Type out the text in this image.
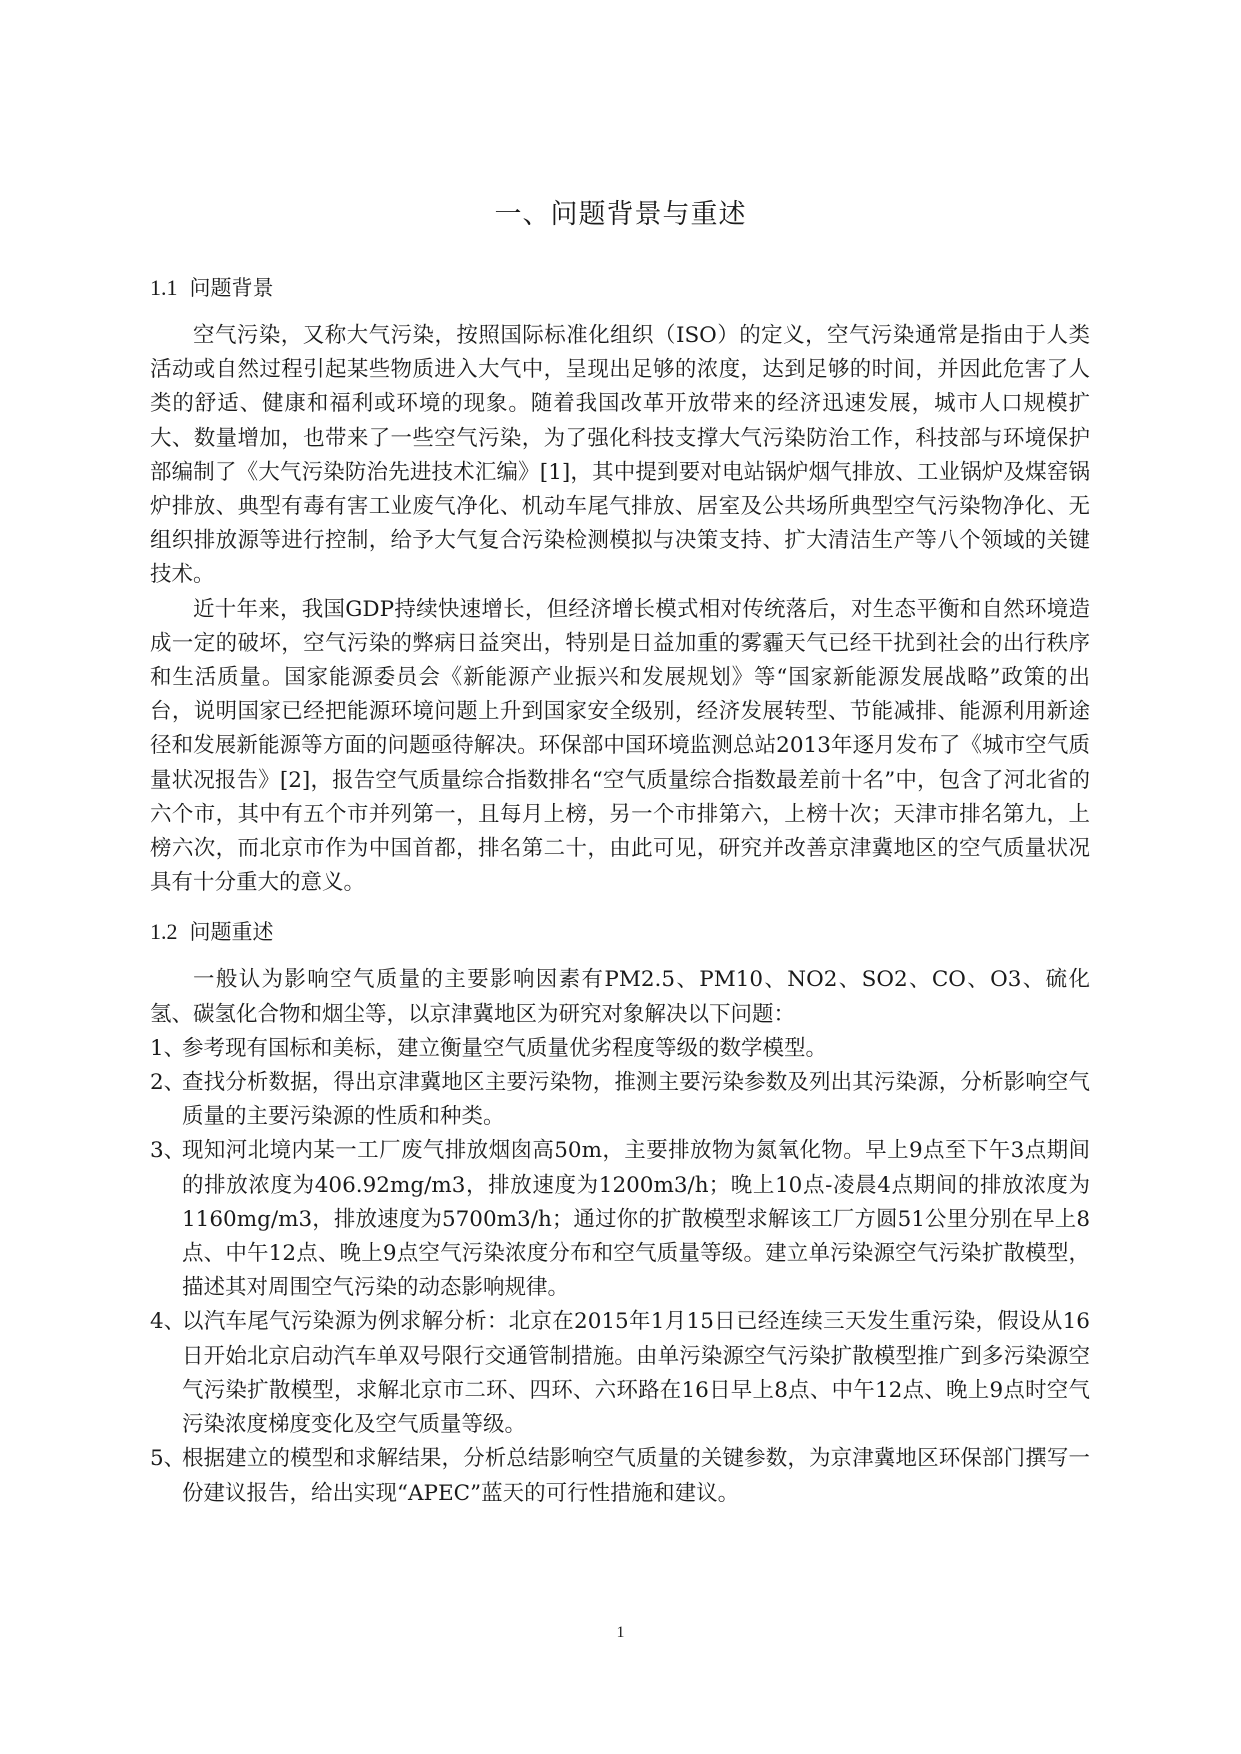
一、问题背景与重述
1.1 问题背景

空气污染，又称大气污染，按照国际标准化组织（ISO）的定义，空气污染通常是指由于人类活动或自然过程引起某些物质进入大气中，呈现出足够的浓度，达到足够的时间，并因此危害了人类的舒适、健康和福利或环境的现象。随着我国改革开放带来的经济迅速发展，城市人口规模扩大、数量增加，也带来了一些空气污染，为了强化科技支撑大气污染防治工作，科技部与环境保护部编制了《大气污染防治先进技术汇编》[1]，其中提到要对电站锅炉烟气排放、工业锅炉及煤窑锅炉排放、典型有毒有害工业废气净化、机动车尾气排放、居室及公共场所典型空气污染物净化、无组织排放源等进行控制，给予大气复合污染检测模拟与决策支持、扩大清洁生产等八个领域的关键技术。

近十年来，我国GDP持续快速增长，但经济增长模式相对传统落后，对生态平衡和自然环境造成一定的破坏，空气污染的弊病日益突出，特别是日益加重的雾霾天气已经干扰到社会的出行秩序和生活质量。国家能源委员会《新能源产业振兴和发展规划》等“国家新能源发展战略”政策的出台，说明国家已经把能源环境问题上升到国家安全级别，经济发展转型、节能减排、能源利用新途径和发展新能源等方面的问题亟待解决。环保部中国环境监测总站2013年逐月发布了《城市空气质量状况报告》[2]，报告空气质量综合指数排名“空气质量综合指数最差前十名”中，包含了河北省的六个市，其中有五个市并列第一，且每月上榜，另一个市排第六，上榜十次；天津市排名第九，上榜六次，而北京市作为中国首都，排名第二十，由此可见，研究并改善京津冀地区的空气质量状况具有十分重大的意义。

1.2 问题重述

一般认为影响空气质量的主要影响因素有PM2.5、PM10、NO2、SO2、CO、O3、硫化氢、碳氢化合物和烟尘等，以京津冀地区为研究对象解决以下问题：

1、
参考现有国标和美标，建立衡量空气质量优劣程度等级的数学模型。
2、
查找分析数据，得出京津冀地区主要污染物，推测主要污染参数及列出其污染源，分析影响空气质量的主要污染源的性质和种类。
3、
现知河北境内某一工厂废气排放烟囱高50m，主要排放物为氮氧化物。早上9点至下午3点期间的排放浓度为406.92mg/m3，排放速度为1200m3/h；晚上10点-凌晨4点期间的排放浓度为1160mg/m3，排放速度为5700m3/h；通过你的扩散模型求解该工厂方圆51公里分别在早上8点、中午12点、晚上9点空气污染浓度分布和空气质量等级。建立单污染源空气污染扩散模型，描述其对周围空气污染的动态影响规律。
4、
以汽车尾气污染源为例求解分析：北京在2015年1月15日已经连续三天发生重污染，假设从16日开始北京启动汽车单双号限行交通管制措施。由单污染源空气污染扩散模型推广到多污染源空气污染扩散模型，求解北京市二环、四环、六环路在16日早上8点、中午12点、晚上9点时空气污染浓度梯度变化及空气质量等级。
5、
根据建立的模型和求解结果，分析总结影响空气质量的关键参数，为京津冀地区环保部门撰写一份建议报告，给出实现“APEC”蓝天的可行性措施和建议。
1
